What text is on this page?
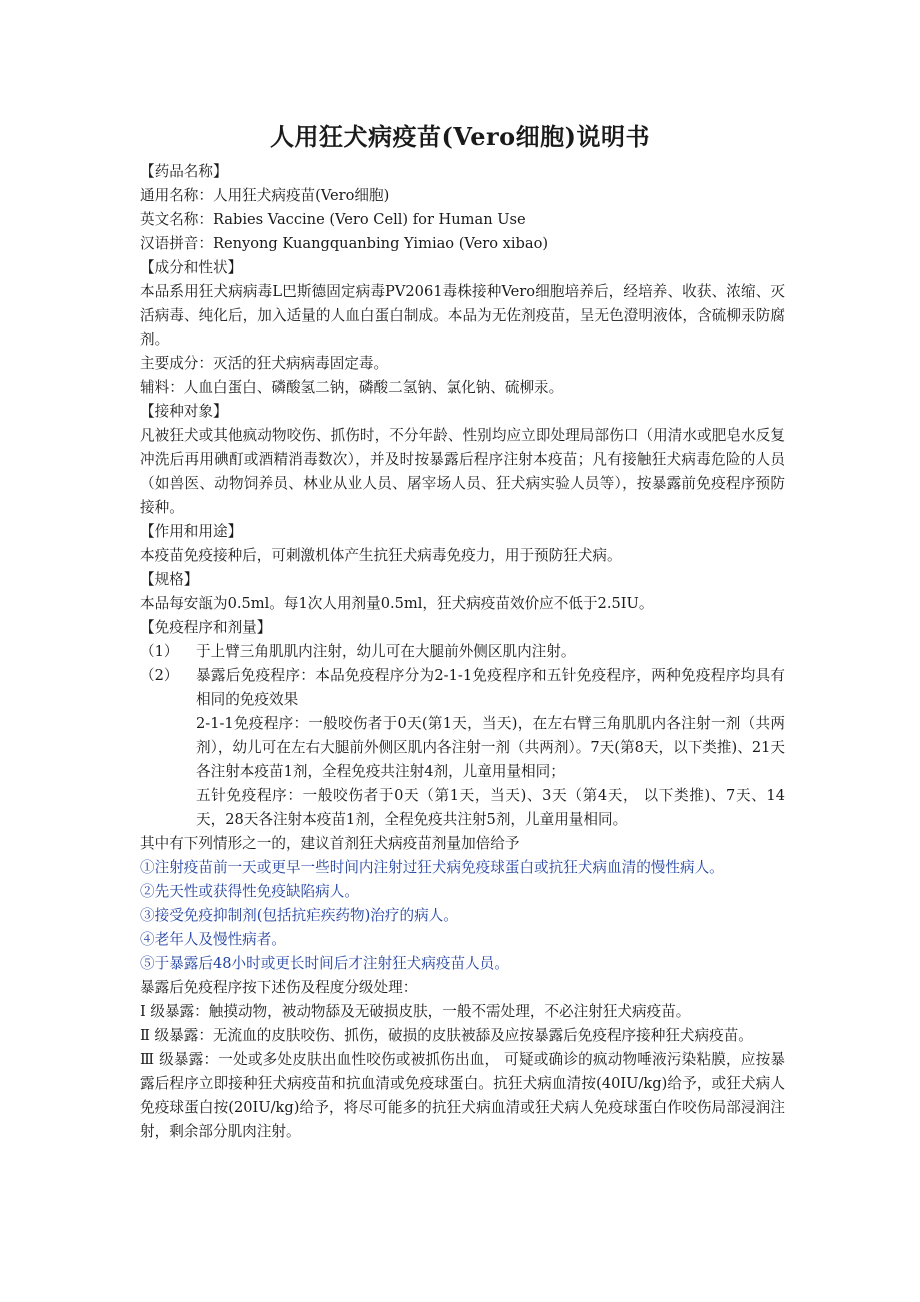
人用狂犬病疫苗(Vero细胞)说明书

【药品名称】

通用名称：人用狂犬病疫苗(Vero细胞)

英文名称：Rabies Vaccine (Vero Cell) for Human Use

汉语拼音：Renyong Kuangquanbing Yimiao (Vero xibao)

【成分和性状】

本品系用狂犬病病毒L巴斯德固定病毒PV2061毒株接种Vero细胞培养后，经培养、收获、浓缩、灭活病毒、纯化后，加入适量的人血白蛋白制成。本品为无佐剂疫苗，呈无色澄明液体，含硫柳汞防腐剂。

主要成分：灭活的狂犬病病毒固定毒。

辅料：人血白蛋白、磷酸氢二钠，磷酸二氢钠、氯化钠、硫柳汞。

【接种对象】

凡被狂犬或其他疯动物咬伤、抓伤时，不分年龄、性别均应立即处理局部伤口（用清水或肥皂水反复冲洗后再用碘酊或酒精消毒数次），并及时按暴露后程序注射本疫苗；凡有接触狂犬病毒危险的人员（如兽医、动物饲养员、林业从业人员、屠宰场人员、狂犬病实验人员等），按暴露前免疫程序预防接种。

【作用和用途】

本疫苗免疫接种后，可刺激机体产生抗狂犬病毒免疫力，用于预防狂犬病。

【规格】

本品每安瓿为0.5ml。每1次人用剂量0.5ml，狂犬病疫苗效价应不低于2.5IU。

【免疫程序和剂量】

（1）	于上臂三角肌肌内注射，幼儿可在大腿前外侧区肌内注射。
（2）	暴露后免疫程序：本品免疫程序分为2-1-1免疫程序和五针免疫程序，两种免疫程序均具有相同的免疫效果

2-1-1免疫程序：一般咬伤者于0天(第1天，当天)，在左右臂三角肌肌内各注射一剂（共两剂），幼儿可在左右大腿前外侧区肌内各注射一剂（共两剂）。7天(第8天，以下类推)、21天各注射本疫苗1剂，全程免疫共注射4剂，儿童用量相同；

五针免疫程序：一般咬伤者于0天（第1天，当天)、3天（第4天， 以下类推)、7天、14天，28天各注射本疫苗1剂，全程免疫共注射5剂，儿童用量相同。

其中有下列情形之一的，建议首剂狂犬病疫苗剂量加倍给予

①注射疫苗前一天或更早一些时间内注射过狂犬病免疫球蛋白或抗狂犬病血清的慢性病人。

②先天性或获得性免疫缺陷病人。

③接受免疫抑制剂(包括抗疟疾药物)治疗的病人。

④老年人及慢性病者。

⑤于暴露后48小时或更长时间后才注射狂犬病疫苗人员。

暴露后免疫程序按下述伤及程度分级处理：

Ⅰ 级暴露：触摸动物，被动物舔及无破损皮肤，一般不需处理，不必注射狂犬病疫苗。

Ⅱ 级暴露：无流血的皮肤咬伤、抓伤，破损的皮肤被舔及应按暴露后免疫程序接种狂犬病疫苗。

Ⅲ 级暴露：一处或多处皮肤出血性咬伤或被抓伤出血， 可疑或确诊的疯动物唾液污染粘膜，应按暴露后程序立即接种狂犬病疫苗和抗血清或免疫球蛋白。抗狂犬病血清按(40IU/kg)给予，或狂犬病人免疫球蛋白按(20IU/kg)给予，将尽可能多的抗狂犬病血清或狂犬病人免疫球蛋白作咬伤局部浸润注射，剩余部分肌肉注射。
